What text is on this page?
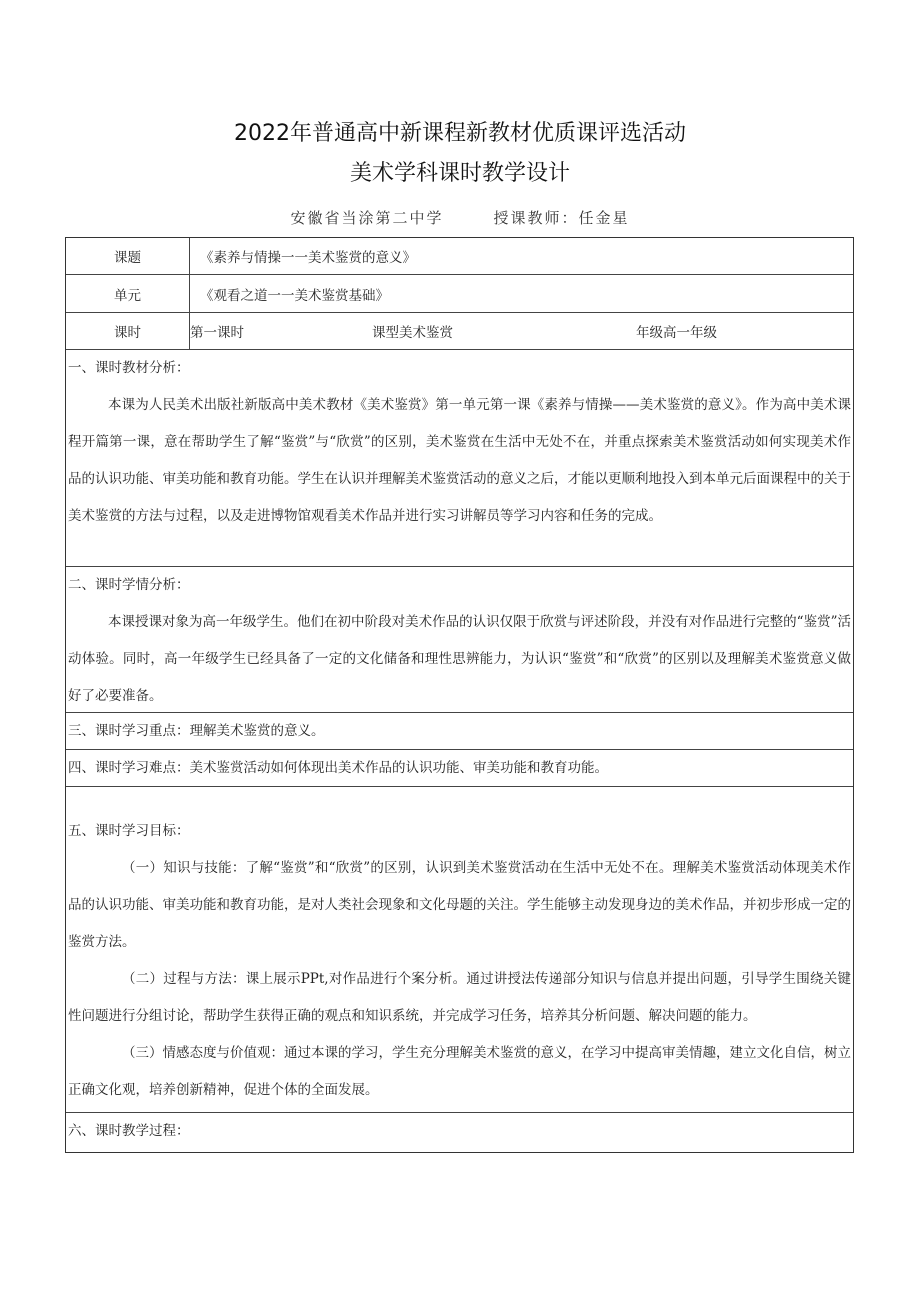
2022年普通高中新课程新教材优质课评选活动
美术学科课时教学设计
安徽省当涂第二中学	授课教师：任金星
课题	《素养与情操一一美术鉴赏的意义》
单元	《观看之道一一美术鉴赏基础》
课时	第一课时	课型美术鉴赏	年级高一年级

一、课时教材分析：

本课为人民美术出版社新版高中美术教材《美术鉴赏》第一单元第一课《素养与情操——美术鉴赏的意义》。作为高中美术课程开篇第一课，意在帮助学生了解“鉴赏”与“欣赏”的区别，美术鉴赏在生活中无处不在，并重点探索美术鉴赏活动如何实现美术作品的认识功能、审美功能和教育功能。学生在认识并理解美术鉴赏活动的意义之后，才能以更顺利地投入到本单元后面课程中的关于美术鉴赏的方法与过程，以及走进博物馆观看美术作品并进行实习讲解员等学习内容和任务的完成。

二、课时学情分析：

本课授课对象为高一年级学生。他们在初中阶段对美术作品的认识仅限于欣赏与评述阶段，并没有对作品进行完整的“鉴赏”活动体验。同时，高一年级学生已经具备了一定的文化储备和理性思辨能力，为认识“鉴赏”和“欣赏”的区别以及理解美术鉴赏意义做好了必要准备。

三、课时学习重点：理解美术鉴赏的意义。

四、课时学习难点：美术鉴赏活动如何体现出美术作品的认识功能、审美功能和教育功能。

五、课时学习目标：

（一）知识与技能：了解“鉴赏”和“欣赏”的区别，认识到美术鉴赏活动在生活中无处不在。理解美术鉴赏活动体现美术作品的认识功能、审美功能和教育功能，是对人类社会现象和文化母题的关注。学生能够主动发现身边的美术作品，并初步形成一定的鉴赏方法。

（二）过程与方法：课上展示PPt,对作品进行个案分析。通过讲授法传递部分知识与信息并提出问题，引导学生围绕关键性问题进行分组讨论，帮助学生获得正确的观点和知识系统，并完成学习任务，培养其分析问题、解决问题的能力。

（三）情感态度与价值观：通过本课的学习，学生充分理解美术鉴赏的意义，在学习中提高审美情趣，建立文化自信，树立正确文化观，培养创新精神，促进个体的全面发展。

六、课时教学过程：
